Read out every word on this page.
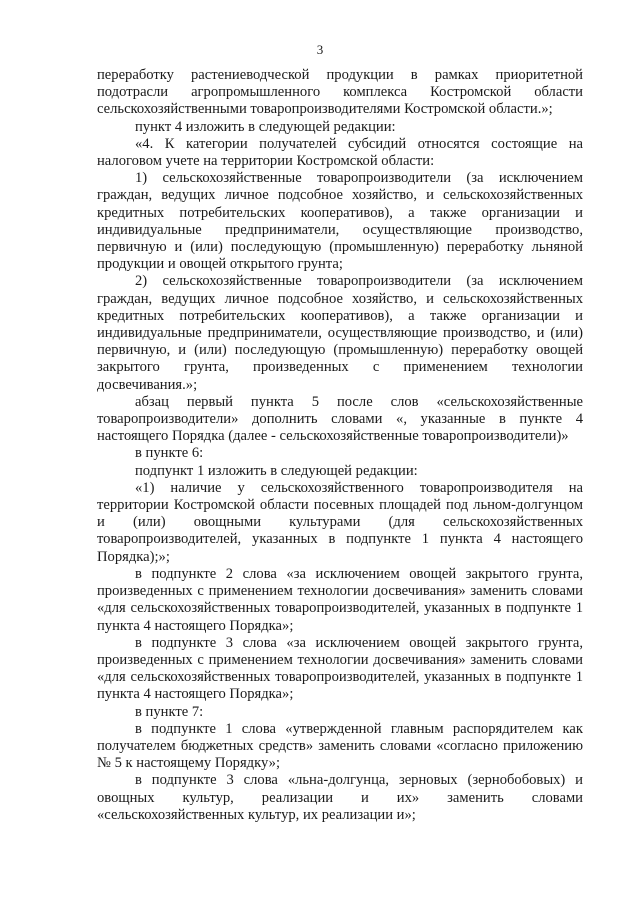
3

переработку растениеводческой продукции в рамках приоритетной подотрасли агропромышленного комплекса Костромской области сельскохозяйственными товаропроизводителями Костромской области.»;

пункт 4 изложить в следующей редакции:

«4. К категории получателей субсидий относятся состоящие на налоговом учете на территории Костромской области:

1) сельскохозяйственные товаропроизводители (за исключением граждан, ведущих личное подсобное хозяйство, и сельскохозяйственных кредитных потребительских кооперативов), а также организации и индивидуальные предприниматели, осуществляющие производство, первичную и (или) последующую (промышленную) переработку льняной продукции и овощей открытого грунта;

2) сельскохозяйственные товаропроизводители (за исключением граждан, ведущих личное подсобное хозяйство, и сельскохозяйственных кредитных потребительских кооперативов), а также организации и индивидуальные предприниматели, осуществляющие производство, и (или) первичную, и (или) последующую (промышленную) переработку овощей закрытого грунта, произведенных с применением технологии досвечивания.»;

абзац первый пункта 5 после слов «сельскохозяйственные товаропроизводители» дополнить словами «, указанные в пункте 4 настоящего Порядка (далее - сельскохозяйственные товаропроизводители)»

в пункте 6:

подпункт 1 изложить в следующей редакции:

«1) наличие у сельскохозяйственного товаропроизводителя на территории Костромской области посевных площадей под льном-долгунцом и (или) овощными культурами (для сельскохозяйственных товаропроизводителей, указанных в подпункте 1 пункта 4 настоящего Порядка);»;

в подпункте 2 слова «за исключением овощей закрытого грунта, произведенных с применением технологии досвечивания» заменить словами «для сельскохозяйственных товаропроизводителей, указанных в подпункте 1 пункта 4 настоящего Порядка»;

в подпункте 3 слова «за исключением овощей закрытого грунта, произведенных с применением технологии досвечивания» заменить словами «для сельскохозяйственных товаропроизводителей, указанных в подпункте 1 пункта 4 настоящего Порядка»;

в пункте 7:

в подпункте 1 слова «утвержденной главным распорядителем как получателем бюджетных средств» заменить словами «согласно приложению № 5 к настоящему Порядку»;

в подпункте 3 слова «льна-долгунца, зерновых (зернобобовых) и овощных культур, реализации и их» заменить словами «сельскохозяйственных культур, их реализации и»;
